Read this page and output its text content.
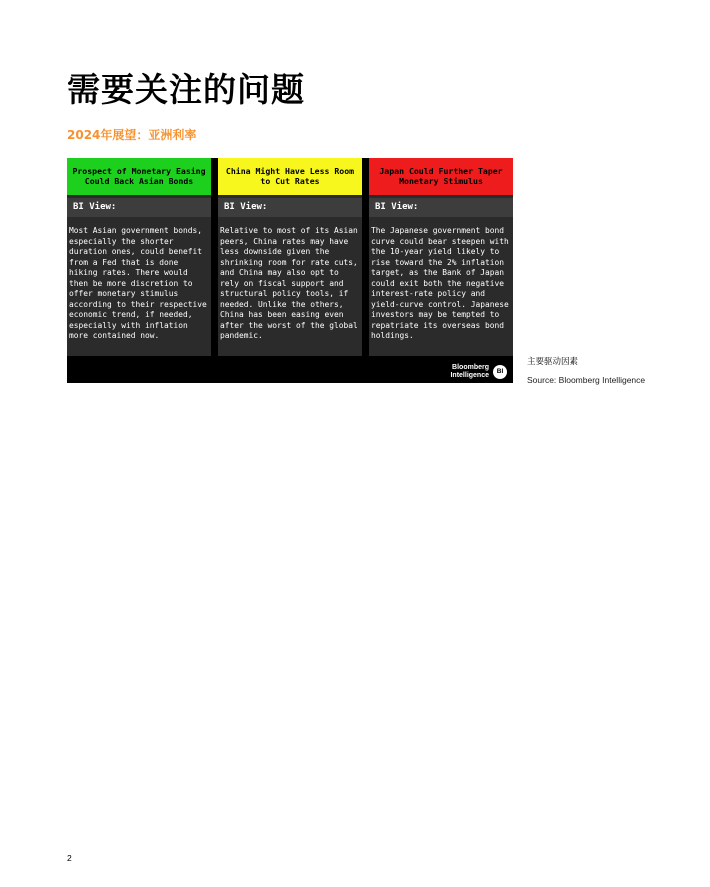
需要关注的问题
2024年展望：亚洲利率
Prospect of Monetary Easing Could Back Asian Bonds
BI View:
Most Asian government bonds, especially the shorter duration ones, could benefit from a Fed that is done hiking rates. There would then be more discretion to offer monetary stimulus according to their respective economic trend, if needed, especially with inflation more contained now.
China Might Have Less Room to Cut Rates
BI View:
Relative to most of its Asian peers, China rates may have less downside given the shrinking room for rate cuts, and China may also opt to rely on fiscal support and structural policy tools, if needed. Unlike the others, China has been easing even after the worst of the global pandemic.
Japan Could Further Taper Monetary Stimulus
BI View:
The Japanese government bond curve could bear steepen with the 10-year yield likely to rise toward the 2% inflation target, as the Bank of Japan could exit both the negative interest-rate policy and yield-curve control. Japanese investors may be tempted to repatriate its overseas bond holdings.
Bloomberg
Intelligence	BI
主要驱动因素
Source: Bloomberg Intelligence
2
